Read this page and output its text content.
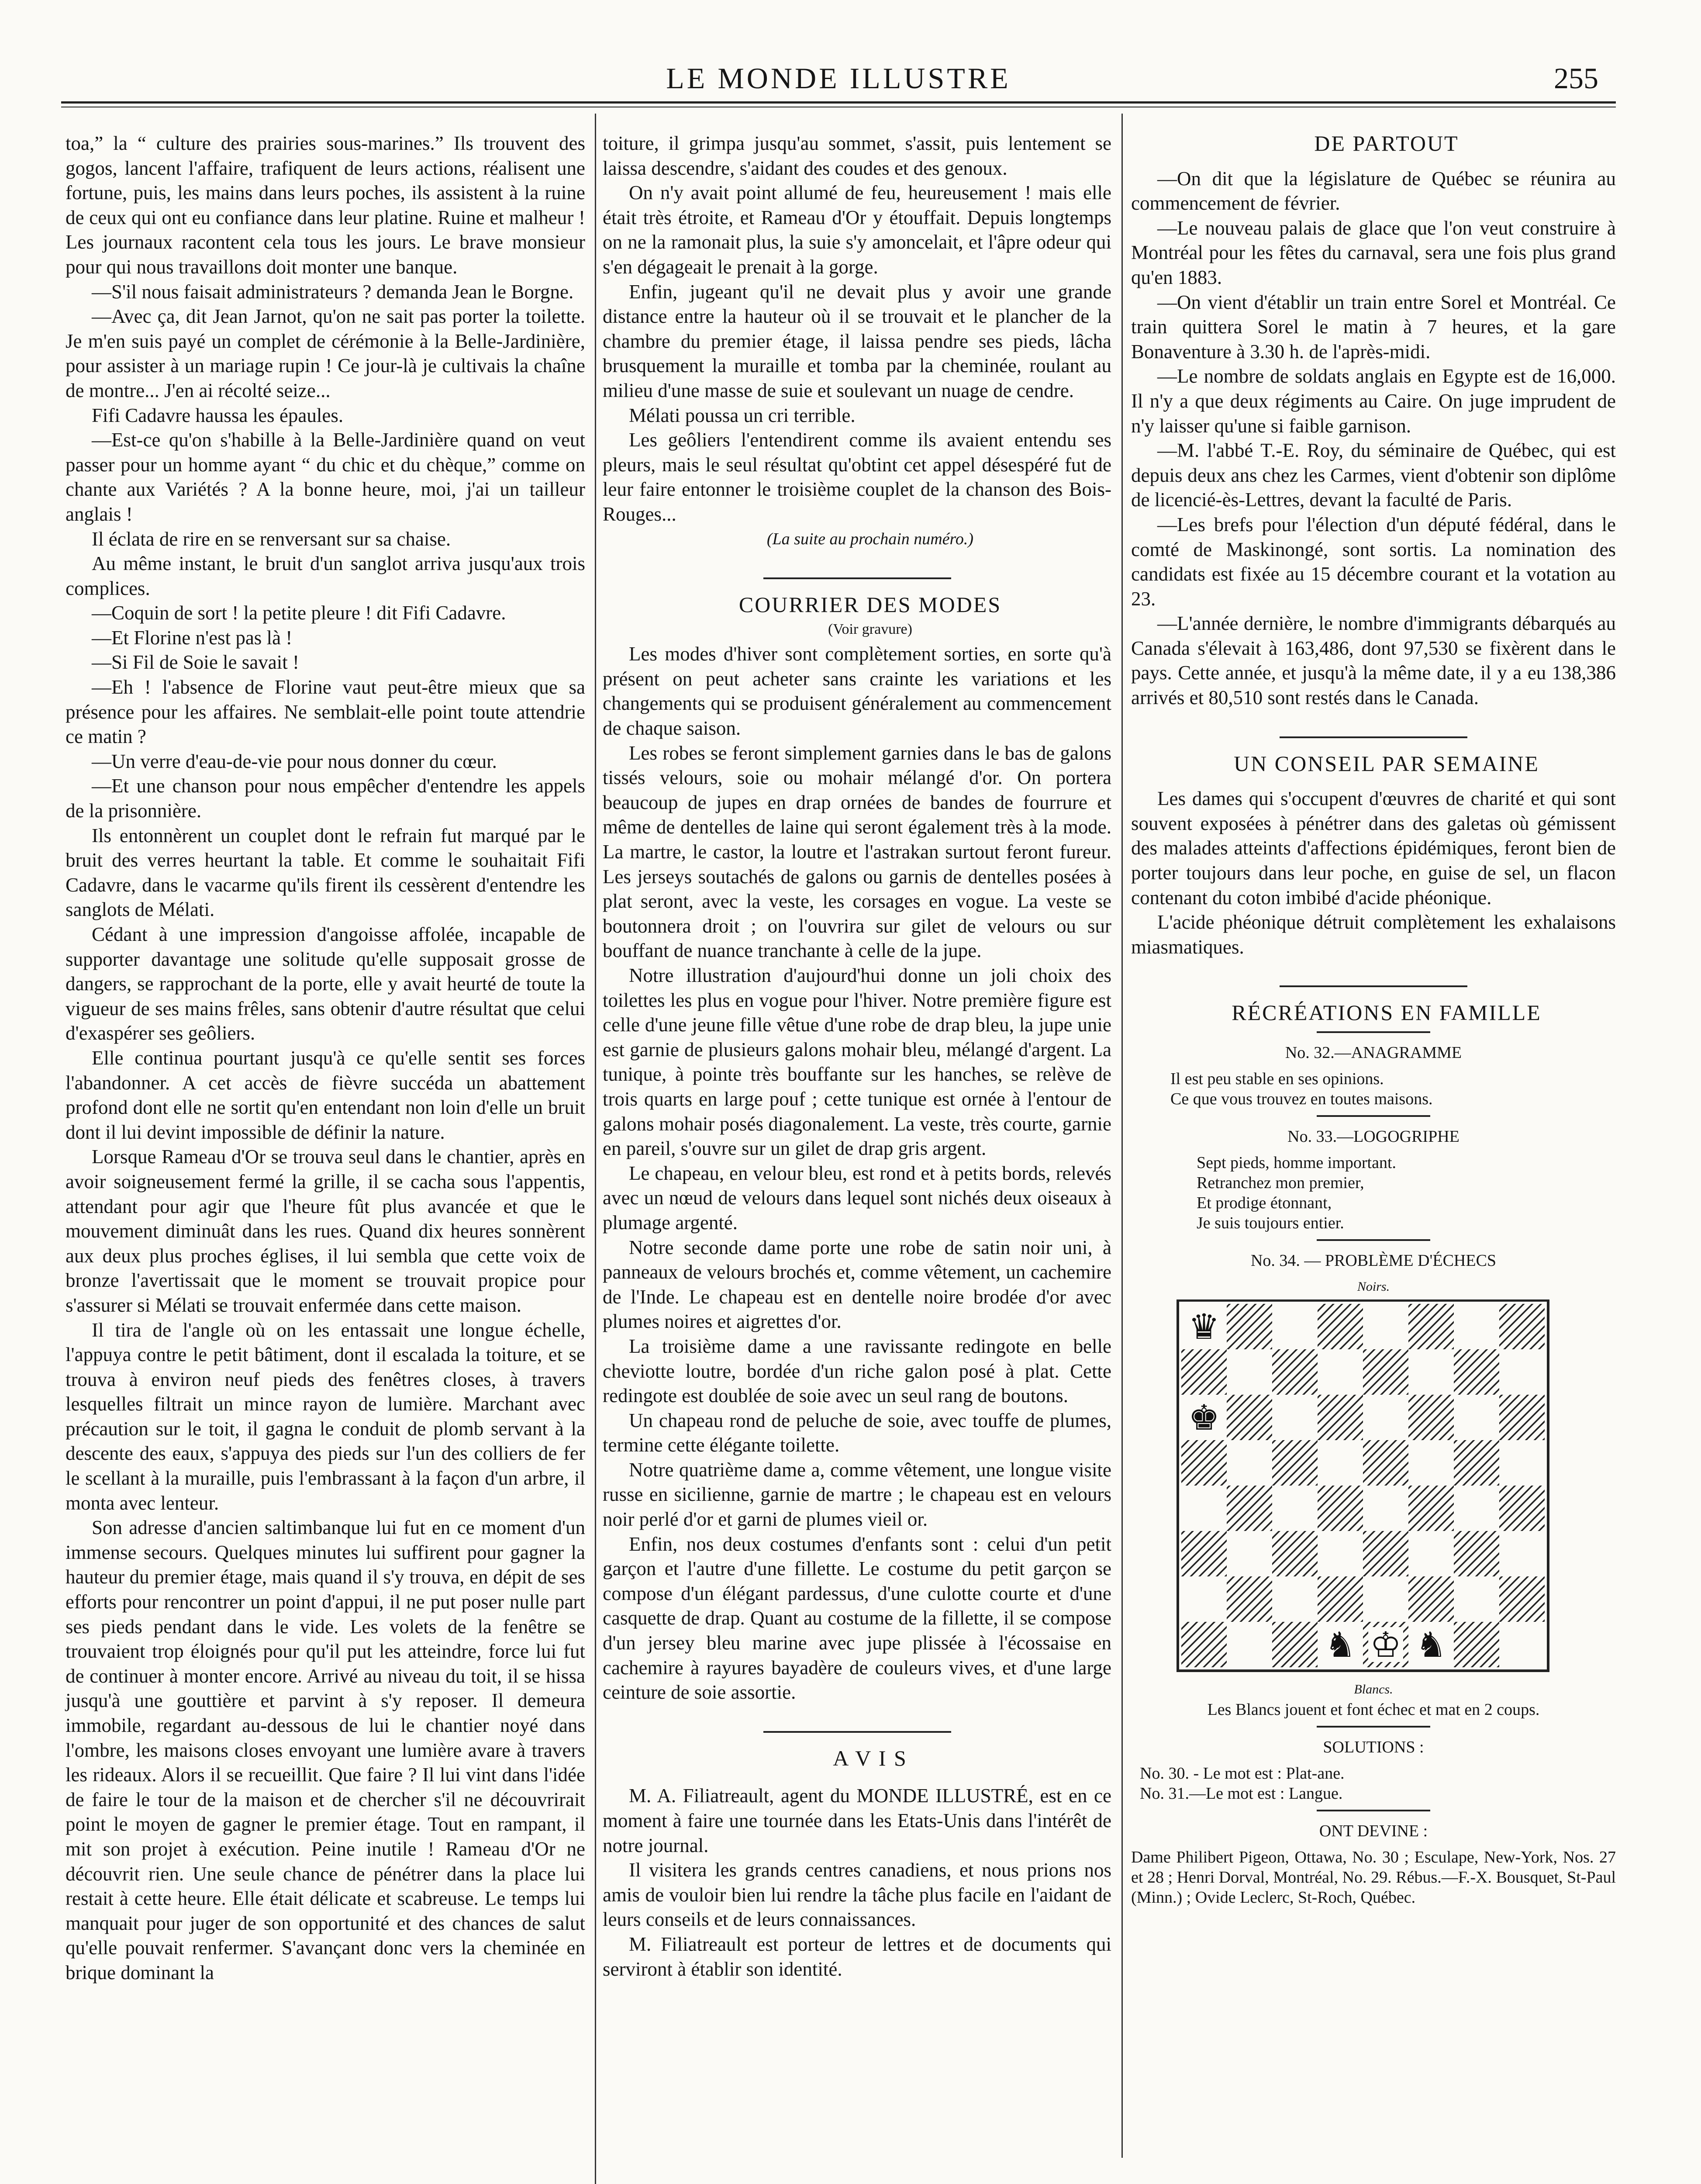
LE MONDE ILLUSTRE	255

toa,” la “ culture des prairies sous-marines.” Ils trouvent des gogos, lancent l'affaire, trafiquent de leurs actions, réalisent une fortune, puis, les mains dans leurs poches, ils assistent à la ruine de ceux qui ont eu confiance dans leur platine. Ruine et malheur ! Les journaux racontent cela tous les jours. Le brave monsieur pour qui nous travaillons doit monter une banque.

—S'il nous faisait administrateurs ? demanda Jean le Borgne.

—Avec ça, dit Jean Jarnot, qu'on ne sait pas porter la toilette. Je m'en suis payé un complet de cérémonie à la Belle-Jardinière, pour assister à un mariage rupin ! Ce jour-là je cultivais la chaîne de montre... J'en ai récolté seize...

Fifi Cadavre haussa les épaules.

—Est-ce qu'on s'habille à la Belle-Jardinière quand on veut passer pour un homme ayant “ du chic et du chèque,” comme on chante aux Variétés ? A la bonne heure, moi, j'ai un tailleur anglais !

Il éclata de rire en se renversant sur sa chaise.

Au même instant, le bruit d'un sanglot arriva jusqu'aux trois complices.

—Coquin de sort ! la petite pleure ! dit Fifi Cadavre.

—Et Florine n'est pas là !

—Si Fil de Soie le savait !

—Eh ! l'absence de Florine vaut peut-être mieux que sa présence pour les affaires. Ne semblait-elle point toute attendrie ce matin ?

—Un verre d'eau-de-vie pour nous donner du cœur.

—Et une chanson pour nous empêcher d'entendre les appels de la prisonnière.

Ils entonnèrent un couplet dont le refrain fut marqué par le bruit des verres heurtant la table. Et comme le souhaitait Fifi Cadavre, dans le vacarme qu'ils firent ils cessèrent d'entendre les sanglots de Mélati.

Cédant à une impression d'angoisse affolée, incapable de supporter davantage une solitude qu'elle supposait grosse de dangers, se rapprochant de la porte, elle y avait heurté de toute la vigueur de ses mains frêles, sans obtenir d'autre résultat que celui d'exaspérer ses geôliers.

Elle continua pourtant jusqu'à ce qu'elle sentit ses forces l'abandonner. A cet accès de fièvre succéda un abattement profond dont elle ne sortit qu'en entendant non loin d'elle un bruit dont il lui devint impossible de définir la nature.

Lorsque Rameau d'Or se trouva seul dans le chantier, après en avoir soigneusement fermé la grille, il se cacha sous l'appentis, attendant pour agir que l'heure fût plus avancée et que le mouvement diminuât dans les rues. Quand dix heures sonnèrent aux deux plus proches églises, il lui sembla que cette voix de bronze l'avertissait que le moment se trouvait propice pour s'assurer si Mélati se trouvait enfermée dans cette maison.

Il tira de l'angle où on les entassait une longue échelle, l'appuya contre le petit bâtiment, dont il escalada la toiture, et se trouva à environ neuf pieds des fenêtres closes, à travers lesquelles filtrait un mince rayon de lumière. Marchant avec précaution sur le toit, il gagna le conduit de plomb servant à la descente des eaux, s'appuya des pieds sur l'un des colliers de fer le scellant à la muraille, puis l'embrassant à la façon d'un arbre, il monta avec lenteur.

Son adresse d'ancien saltimbanque lui fut en ce moment d'un immense secours. Quelques minutes lui suffirent pour gagner la hauteur du premier étage, mais quand il s'y trouva, en dépit de ses efforts pour rencontrer un point d'appui, il ne put poser nulle part ses pieds pendant dans le vide. Les volets de la fenêtre se trouvaient trop éloignés pour qu'il put les atteindre, force lui fut de continuer à monter encore. Arrivé au niveau du toit, il se hissa jusqu'à une gouttière et parvint à s'y reposer. Il demeura immobile, regardant au-dessous de lui le chantier noyé dans l'ombre, les maisons closes envoyant une lumière avare à travers les rideaux. Alors il se recueillit. Que faire ? Il lui vint dans l'idée de faire le tour de la maison et de chercher s'il ne découvrirait point le moyen de gagner le premier étage. Tout en rampant, il mit son projet à exécution. Peine inutile ! Rameau d'Or ne découvrit rien. Une seule chance de pénétrer dans la place lui restait à cette heure. Elle était délicate et scabreuse. Le temps lui manquait pour juger de son opportunité et des chances de salut qu'elle pouvait renfermer. S'avançant donc vers la cheminée en brique dominant la

toiture, il grimpa jusqu'au sommet, s'assit, puis lentement se laissa descendre, s'aidant des coudes et des genoux.

On n'y avait point allumé de feu, heureusement ! mais elle était très étroite, et Rameau d'Or y étouffait. Depuis longtemps on ne la ramonait plus, la suie s'y amoncelait, et l'âpre odeur qui s'en dégageait le prenait à la gorge.

Enfin, jugeant qu'il ne devait plus y avoir une grande distance entre la hauteur où il se trouvait et le plancher de la chambre du premier étage, il laissa pendre ses pieds, lâcha brusquement la muraille et tomba par la cheminée, roulant au milieu d'une masse de suie et soulevant un nuage de cendre.

Mélati poussa un cri terrible.

Les geôliers l'entendirent comme ils avaient entendu ses pleurs, mais le seul résultat qu'obtint cet appel désespéré fut de leur faire entonner le troisième couplet de la chanson des Bois-Rouges...

(La suite au prochain numéro.)

COURRIER DES MODES

(Voir gravure)

Les modes d'hiver sont complètement sorties, en sorte qu'à présent on peut acheter sans crainte les variations et les changements qui se produisent généralement au commencement de chaque saison.

Les robes se feront simplement garnies dans le bas de galons tissés velours, soie ou mohair mélangé d'or. On portera beaucoup de jupes en drap ornées de bandes de fourrure et même de dentelles de laine qui seront également très à la mode. La martre, le castor, la loutre et l'astrakan surtout feront fureur. Les jerseys soutachés de galons ou garnis de dentelles posées à plat seront, avec la veste, les corsages en vogue. La veste se boutonnera droit ; on l'ouvrira sur gilet de velours ou sur bouffant de nuance tranchante à celle de la jupe.

Notre illustration d'aujourd'hui donne un joli choix des toilettes les plus en vogue pour l'hiver. Notre première figure est celle d'une jeune fille vêtue d'une robe de drap bleu, la jupe unie est garnie de plusieurs galons mohair bleu, mélangé d'argent. La tunique, à pointe très bouffante sur les hanches, se relève de trois quarts en large pouf ; cette tunique est ornée à l'entour de galons mohair posés diagonalement. La veste, très courte, garnie en pareil, s'ouvre sur un gilet de drap gris argent.

Le chapeau, en velour bleu, est rond et à petits bords, relevés avec un nœud de velours dans lequel sont nichés deux oiseaux à plumage argenté.

Notre seconde dame porte une robe de satin noir uni, à panneaux de velours brochés et, comme vêtement, un cachemire de l'Inde. Le chapeau est en dentelle noire brodée d'or avec plumes noires et aigrettes d'or.

La troisième dame a une ravissante redingote en belle cheviotte loutre, bordée d'un riche galon posé à plat. Cette redingote est doublée de soie avec un seul rang de boutons.

Un chapeau rond de peluche de soie, avec touffe de plumes, termine cette élégante toilette.

Notre quatrième dame a, comme vêtement, une longue visite russe en sicilienne, garnie de martre ; le chapeau est en velours noir perlé d'or et garni de plumes vieil or.

Enfin, nos deux costumes d'enfants sont : celui d'un petit garçon et l'autre d'une fillette. Le costume du petit garçon se compose d'un élégant pardessus, d'une culotte courte et d'une casquette de drap. Quant au costume de la fillette, il se compose d'un jersey bleu marine avec jupe plissée à l'écossaise en cachemire à rayures bayadère de couleurs vives, et d'une large ceinture de soie assortie.

A V I S

M. A. Filiatreault, agent du MONDE ILLUSTRÉ, est en ce moment à faire une tournée dans les Etats-Unis dans l'intérêt de notre journal.

Il visitera les grands centres canadiens, et nous prions nos amis de vouloir bien lui rendre la tâche plus facile en l'aidant de leurs conseils et de leurs connaissances.

M. Filiatreault est porteur de lettres et de documents qui serviront à établir son identité.

DE PARTOUT

—On dit que la législature de Québec se réunira au commencement de février.

—Le nouveau palais de glace que l'on veut construire à Montréal pour les fêtes du carnaval, sera une fois plus grand qu'en 1883.

—On vient d'établir un train entre Sorel et Montréal. Ce train quittera Sorel le matin à 7 heures, et la gare Bonaventure à 3.30 h. de l'après-midi.

—Le nombre de soldats anglais en Egypte est de 16,000. Il n'y a que deux régiments au Caire. On juge imprudent de n'y laisser qu'une si faible garnison.

—M. l'abbé T.-E. Roy, du séminaire de Québec, qui est depuis deux ans chez les Carmes, vient d'obtenir son diplôme de licencié-ès-Lettres, devant la faculté de Paris.

—Les brefs pour l'élection d'un député fédéral, dans le comté de Maskinongé, sont sortis. La nomination des candidats est fixée au 15 décembre courant et la votation au 23.

—L'année dernière, le nombre d'immigrants débarqués au Canada s'élevait à 163,486, dont 97,530 se fixèrent dans le pays. Cette année, et jusqu'à la même date, il y a eu 138,386 arrivés et 80,510 sont restés dans le Canada.

UN CONSEIL PAR SEMAINE

Les dames qui s'occupent d'œuvres de charité et qui sont souvent exposées à pénétrer dans des galetas où gémissent des malades atteints d'affections épidémiques, feront bien de porter toujours dans leur poche, en guise de sel, un flacon contenant du coton imbibé d'acide phéonique.

L'acide phéonique détruit complètement les exhalaisons miasmatiques.

RÉCRÉATIONS EN FAMILLE

No. 32.—ANAGRAMME
Il est peu stable en ses opinions.
Ce que vous trouvez en toutes maisons.
No. 33.—LOGOGRIPHE
Sept pieds, homme important.
Retranchez mon premier,
Et prodige étonnant,
Je suis toujours entier.
No. 34. — PROBLÈME D'ÉCHECS
Noirs.
♛
♚
♞ ♔ ♞
Blancs.
Les Blancs jouent et font échec et mat en 2 coups.
SOLUTIONS :
No. 30. - Le mot est : Plat-ane.
No. 31.—Le mot est : Langue.
ONT DEVINE :
Dame Philibert Pigeon, Ottawa, No. 30 ; Esculape, New-York, Nos. 27 et 28 ; Henri Dorval, Montréal, No. 29. Rébus.—F.-X. Bousquet, St-Paul (Minn.) ; Ovide Leclerc, St-Roch, Québec.
